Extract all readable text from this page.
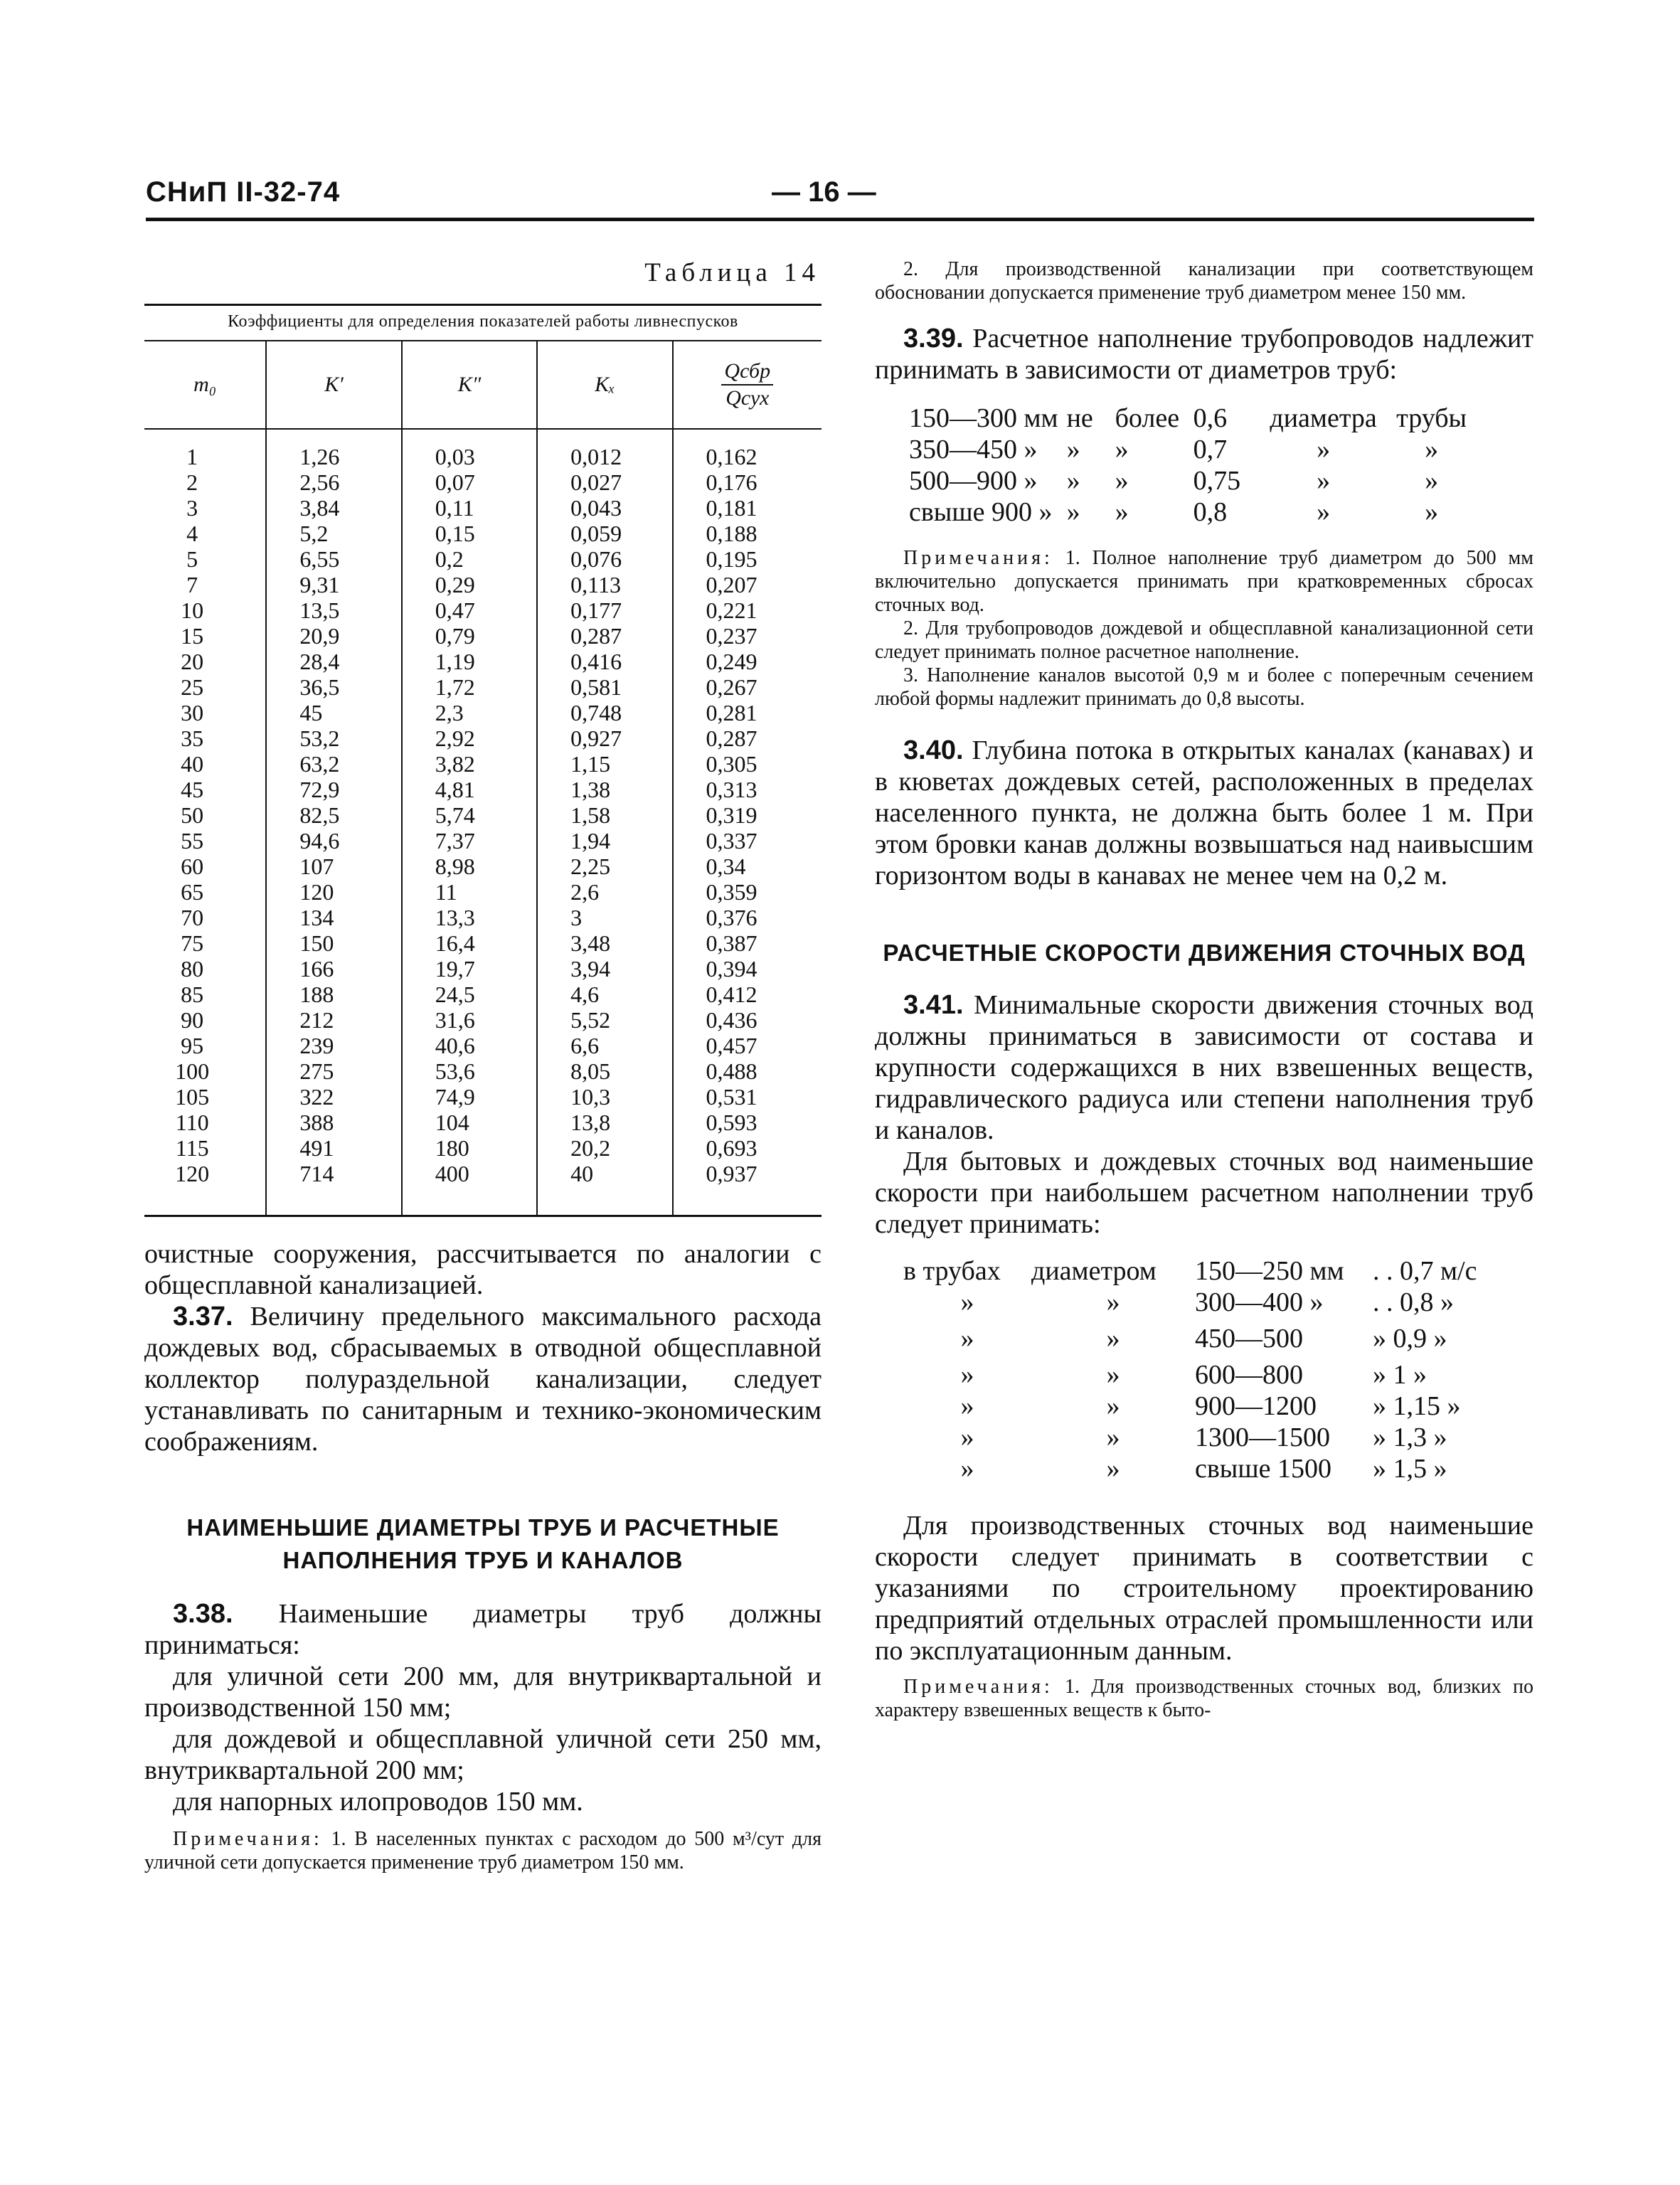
СНиП II-32-74	— 16 —
Таблица 14
Коэффициенты для определения показателей работы ливнеспусков				
m₀	K′	K″	Kₓ	$\frac{\text{Qсбр}}{\text{Qсух}}$

1	1,26	0,03	0,012	0,162
2	2,56	0,07	0,027	0,176
3	3,84	0,11	0,043	0,181
4	5,2	0,15	0,059	0,188
5	6,55	0,2	0,076	0,195
7	9,31	0,29	0,113	0,207
10	13,5	0,47	0,177	0,221
15	20,9	0,79	0,287	0,237
20	28,4	1,19	0,416	0,249
25	36,5	1,72	0,581	0,267
30	45	2,3	0,748	0,281
35	53,2	2,92	0,927	0,287
40	63,2	3,82	1,15	0,305
45	72,9	4,81	1,38	0,313
50	82,5	5,74	1,58	0,319
55	94,6	7,37	1,94	0,337
60	107	8,98	2,25	0,34
65	120	11	2,6	0,359
70	134	13,3	3	0,376
75	150	16,4	3,48	0,387
80	166	19,7	3,94	0,394
85	188	24,5	4,6	0,412
90	212	31,6	5,52	0,436
95	239	40,6	6,6	0,457
100	275	53,6	8,05	0,488
105	322	74,9	10,3	0,531
110	388	104	13,8	0,593
115	491	180	20,2	0,693
120	714	400	40	0,937

очистные сооружения, рассчитывается по аналогии с общесплавной канализацией.

3.37. Величину предельного максимального расхода дождевых вод, сбрасываемых в отводной общесплавной коллектор полураздельной канализации, следует устанавливать по санитарным и технико-экономическим соображениям.

НАИМЕНЬШИЕ ДИАМЕТРЫ ТРУБ И РАСЧЕТНЫЕ НАПОЛНЕНИЯ ТРУБ И КАНАЛОВ

3.38. Наименьшие диаметры труб должны приниматься:

для уличной сети 200 мм, для внутриквартальной и производственной 150 мм;

для дождевой и общесплавной уличной сети 250 мм, внутриквартальной 200 мм;

для напорных илопроводов 150 мм.

Примечания: 1. В населенных пунктах с расходом до 500 м³/сут для уличной сети допускается применение труб диаметром 150 мм.

2. Для производственной канализации при соответствующем обосновании допускается применение труб диаметром менее 150 мм.

3.39. Расчетное наполнение трубопроводов надлежит принимать в зависимости от диаметров труб:

150—300 мм	не	более	0,6	диаметра	трубы
350—450 »	»	»	0,7	»	»
500—900 »	»	»	0,75	»	»
свыше 900 »	»	»	0,8	»	»

Примечания: 1. Полное наполнение труб диаметром до 500 мм включительно допускается принимать при кратковременных сбросах сточных вод.

2. Для трубопроводов дождевой и общесплавной канализационной сети следует принимать полное расчетное наполнение.

3. Наполнение каналов высотой 0,9 м и более с поперечным сечением любой формы надлежит принимать до 0,8 высоты.

3.40. Глубина потока в открытых каналах (канавах) и в кюветах дождевых сетей, расположенных в пределах населенного пункта, не должна быть более 1 м. При этом бровки канав должны возвышаться над наивысшим горизонтом воды в канавах не менее чем на 0,2 м.

РАСЧЕТНЫЕ СКОРОСТИ ДВИЖЕНИЯ СТОЧНЫХ ВОД

3.41. Минимальные скорости движения сточных вод должны приниматься в зависимости от состава и крупности содержащихся в них взвешенных веществ, гидравлического радиуса или степени наполнения труб и каналов.

Для бытовых и дождевых сточных вод наименьшие скорости при наибольшем расчетном наполнении труб следует принимать:

в трубах	диаметром	150—250 мм	. . 0,7 м/с
»	»	300—400 »	. . 0,8 »
»	»	450—500	» 0,9 »
»	»	600—800	» 1 »
»	»	900—1200	» 1,15 »
»	»	1300—1500	» 1,3 »
»	»	свыше 1500	» 1,5 »

Для производственных сточных вод наименьшие скорости следует принимать в соответствии с указаниями по строительному проектированию предприятий отдельных отраслей промышленности или по эксплуатационным данным.

Примечания: 1. Для производственных сточных вод, близких по характеру взвешенных веществ к быто-
